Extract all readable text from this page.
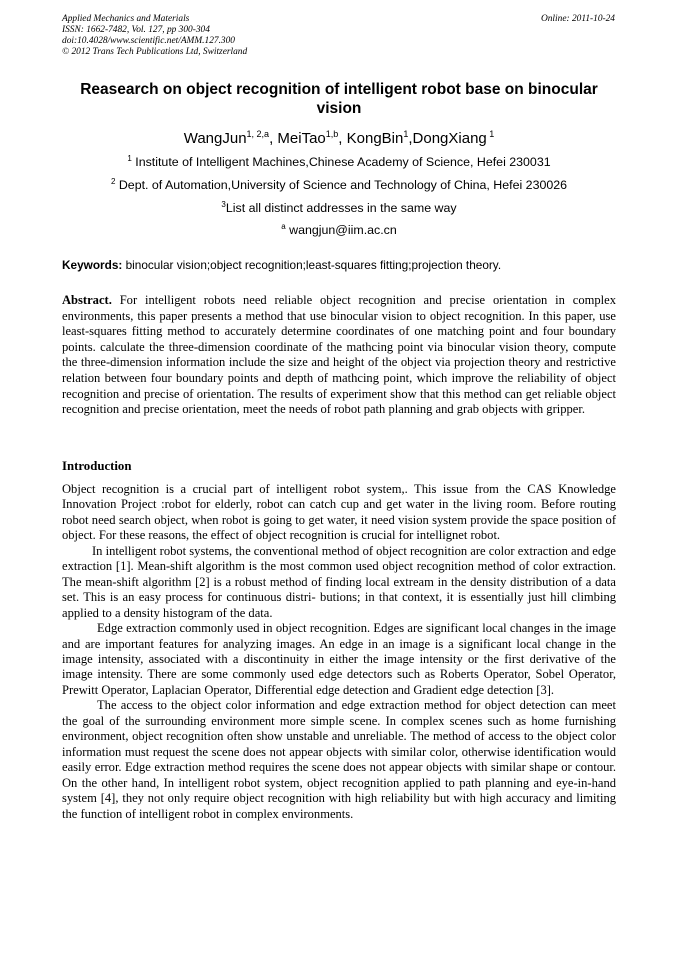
Applied Mechanics and Materials
ISSN: 1662-7482, Vol. 127, pp 300-304
doi:10.4028/www.scientific.net/AMM.127.300
© 2012 Trans Tech Publications Ltd, Switzerland
Online: 2011-10-24
Reasearch on object recognition of intelligent robot base on binocular vision
WangJun$^{1, 2,a}$, MeiTao$^{1,b}$, KongBin$^1$,DongXiang $^1$
$^1$ Institute of Intelligent Machines,Chinese Academy of Science, Hefei 230031
$^2$ Dept. of Automation,University of Science and Technology of China, Hefei 230026
$^3$List all distinct addresses in the same way
$^a$ wangjun@iim.ac.cn
Keywords: binocular vision;object recognition;least-squares fitting;projection theory.
Abstract. For intelligent robots need reliable object recognition and precise orientation in complex environments, this paper presents a method that use binocular vision to object recognition. In this paper, use least-squares fitting method to accurately determine coordinates of one matching point and four boundary points. calculate the three-dimension coordinate of the mathcing point via binocular vision theory, compute the three-dimension information include the size and height of the object via projection theory and restrictive relation between four boundary points and depth of mathcing point, which improve the reliability of object recognition and precise of orientation. The results of experiment show that this method can get reliable object recognition and precise orientation, meet the needs of robot path planning and grab objects with gripper.
Introduction

Object recognition is a crucial part of intelligent robot system,. This issue from the CAS Knowledge Innovation Project :robot for elderly, robot can catch cup and get water in the living room. Before routing robot need search object, when robot is going to get water, it need vision system provide the space position of object. For these reasons, the effect of object recognition is crucial for intellignet robot.

In intelligent robot systems, the conventional method of object recognition are color extraction and edge extraction [1]. Mean-shift algorithm is the most common used object recognition method of color extraction. The mean-shift algorithm [2] is a robust method of finding local extream in the density distribution of a data set. This is an easy process for continuous distri- butions; in that context, it is essentially just hill climbing applied to a density histogram of the data.

Edge extraction commonly used in object recognition. Edges are significant local changes in the image and are important features for analyzing images. An edge in an image is a significant local change in the image intensity, associated with a discontinuity in either the image intensity or the first derivative of the image intensity. There are some commonly used edge detectors such as Roberts Operator, Sobel Operator, Prewitt Operator, Laplacian Operator, Differential edge detection and Gradient edge detection [3].

The access to the object color information and edge extraction method for object detection can meet the goal of the surrounding environment more simple scene. In complex scenes such as home furnishing environment, object recognition often show unstable and unreliable. The method of access to the object color information must request the scene does not appear objects with similar color, otherwise identification would easily error. Edge extraction method requires the scene does not appear objects with similar shape or contour. On the other hand, In intelligent robot system, object recognition applied to path planning and eye-in-hand system [4], they not only require object recognition with high reliability but with high accuracy and limiting the function of intelligent robot in complex environments.
